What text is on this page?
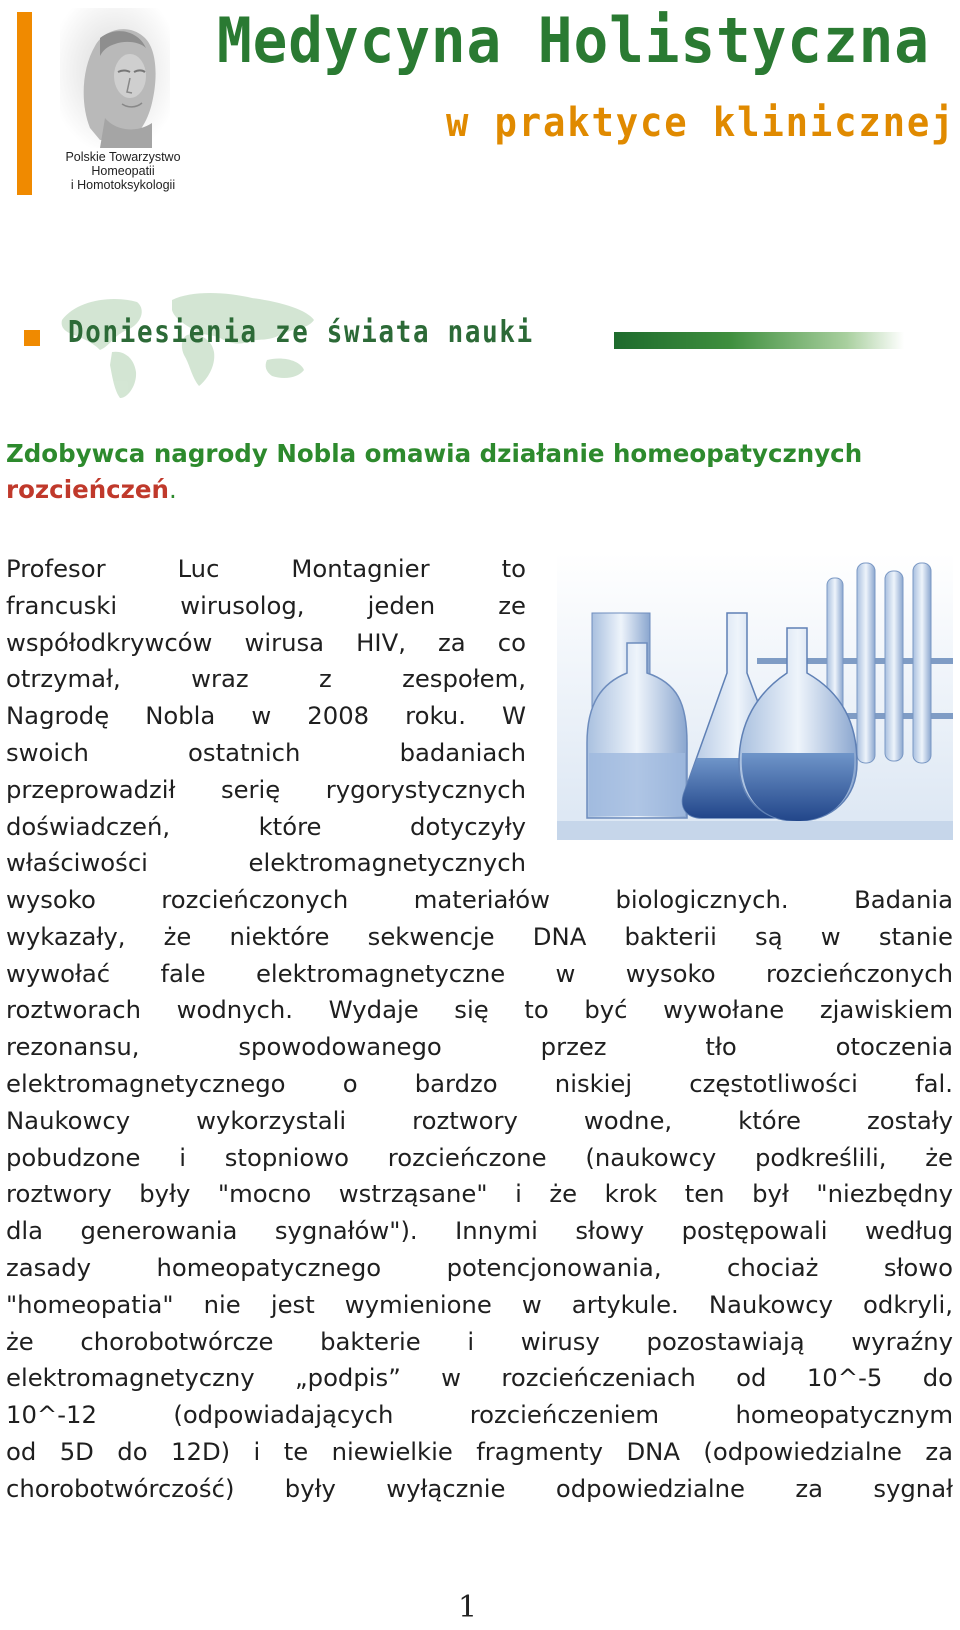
Polskie Towarzystwo
Homeopatii
i Homotoksykologii
Medycyna Holistyczna
w praktyce klinicznej
Doniesienia ze świata nauki
Zdobywca nagrody Nobla omawia działanie homeopatycznych rozcieńczeń.
Profesor Luc Montagnier to
francuski wirusolog, jeden ze
współodkrywców wirusa HIV, za co
otrzymał, wraz z zespołem,
Nagrodę Nobla w 2008 roku. W
swoich ostatnich badaniach
przeprowadził serię rygorystycznych
doświadczeń, które dotyczyły
właściwości elektromagnetycznych
wysoko rozcieńczonych materiałów biologicznych. Badania
wykazały, że niektóre sekwencje DNA bakterii są w stanie
wywołać fale elektromagnetyczne w wysoko rozcieńczonych
roztworach wodnych. Wydaje się to być wywołane zjawiskiem
rezonansu, spowodowanego przez tło otoczenia
elektromagnetycznego o bardzo niskiej częstotliwości fal.
Naukowcy wykorzystali roztwory wodne, które zostały
pobudzone i stopniowo rozcieńczone (naukowcy podkreślili, że
roztwory były "mocno wstrząsane" i że krok ten był "niezbędny
dla generowania sygnałów"). Innymi słowy postępowali według
zasady homeopatycznego potencjonowania, chociaż słowo
"homeopatia" nie jest wymienione w artykule. Naukowcy odkryli,
że chorobotwórcze bakterie i wirusy pozostawiają wyraźny
elektromagnetyczny „podpis” w rozcieńczeniach od 10^-5 do
10^-12 (odpowiadających rozcieńczeniem homeopatycznym
od 5D do 12D) i te niewielkie fragmenty DNA (odpowiedzialne za
chorobotwórczość) były wyłącznie odpowiedzialne za sygnał
1
